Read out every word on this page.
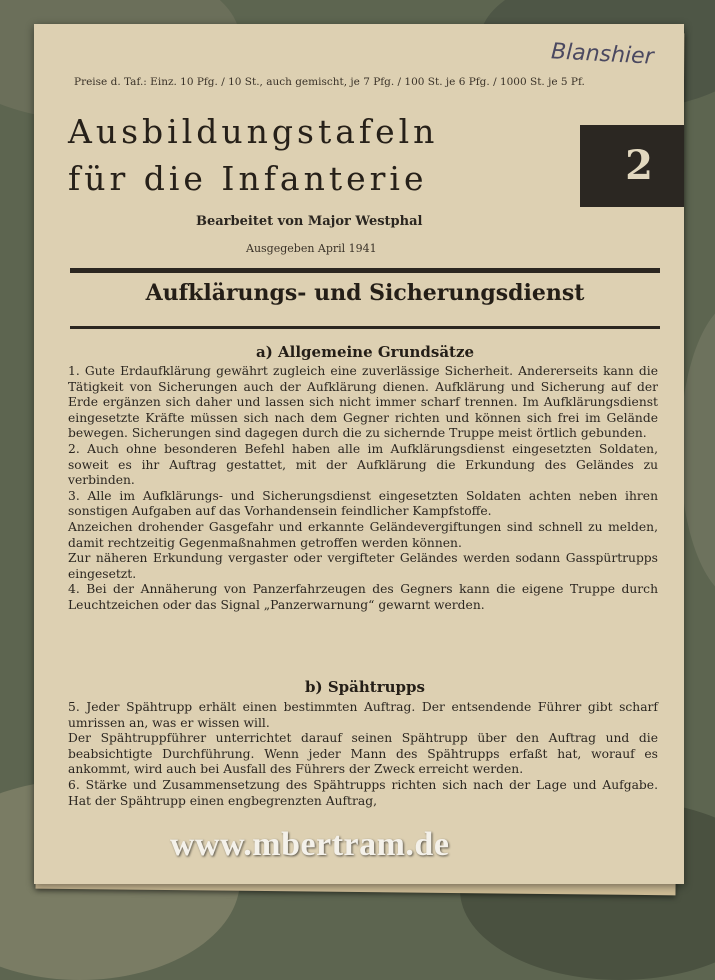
Blanshier
Preise d. Taf.: Einz. 10 Pfg. / 10 St., auch gemischt, je 7 Pfg. / 100 St. je 6 Pfg. / 1000 St. je 5 Pf.
Ausbildungstafeln
für die Infanterie	2
Bearbeitet von Major Westphal
Ausgegeben April 1941
Aufklärungs- und Sicherungsdienst
a) Allgemeine Grundsätze

1. Gute Erdaufklärung gewährt zugleich eine zuverlässige Sicherheit. Andererseits kann die Tätigkeit von Sicherungen auch der Aufklärung dienen. Aufklärung und Sicherung auf der Erde ergänzen sich daher und lassen sich nicht immer scharf trennen. Im Aufklärungsdienst eingesetzte Kräfte müssen sich nach dem Gegner richten und können sich frei im Gelände bewegen. Sicherungen sind dagegen durch die zu sichernde Truppe meist örtlich gebunden.

2. Auch ohne besonderen Befehl haben alle im Aufklärungsdienst eingesetzten Soldaten, soweit es ihr Auftrag gestattet, mit der Aufklärung die Erkundung des Geländes zu verbinden.

3. Alle im Aufklärungs- und Sicherungsdienst eingesetzten Soldaten achten neben ihren sonstigen Aufgaben auf das Vorhandensein feindlicher Kampfstoffe.

Anzeichen drohender Gasgefahr und erkannte Geländevergiftungen sind schnell zu melden, damit rechtzeitig Gegenmaßnahmen getroffen werden können.

Zur näheren Erkundung vergaster oder vergifteter Geländes werden sodann Gasspürtrupps eingesetzt.

4. Bei der Annäherung von Panzerfahrzeugen des Gegners kann die eigene Truppe durch Leuchtzeichen oder das Signal „Panzerwarnung“ gewarnt werden.

b) Spähtrupps

5. Jeder Spähtrupp erhält einen bestimmten Auftrag. Der entsendende Führer gibt scharf umrissen an, was er wissen will.

Der Spähtruppführer unterrichtet darauf seinen Spähtrupp über den Auftrag und die beabsichtigte Durchführung. Wenn jeder Mann des Spähtrupps erfaßt hat, worauf es ankommt, wird auch bei Ausfall des Führers der Zweck erreicht werden.

6. Stärke und Zusammensetzung des Spähtrupps richten sich nach der Lage und Aufgabe. Hat der Spähtrupp einen engbegrenzten Auftrag,

www.mbertram.de
